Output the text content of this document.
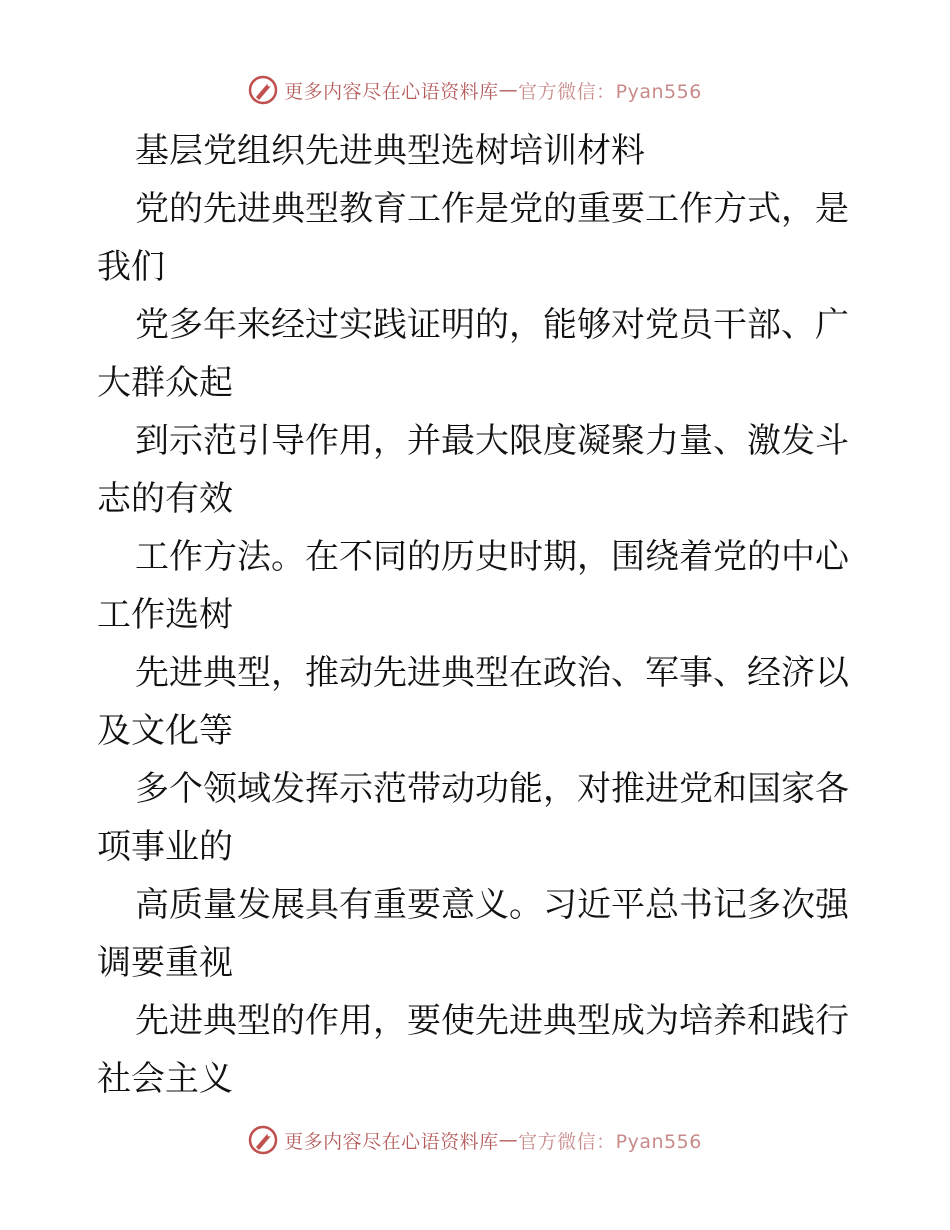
更多内容尽在心语资料库 — 官方微信：Pyan556
基层党组织先进典型选树培训材料
党的先进典型教育工作是党的重要工作方式，是
我们
党多年来经过实践证明的，能够对党员干部、广
大群众起
到示范引导作用，并最大限度凝聚力量、激发斗
志的有效
工作方法。在不同的历史时期，围绕着党的中心
工作选树
先进典型，推动先进典型在政治、军事、经济以
及文化等
多个领域发挥示范带动功能，对推进党和国家各
项事业的
高质量发展具有重要意义。习近平总书记多次强
调要重视
先进典型的作用，要使先进典型成为培养和践行
社会主义
更多内容尽在心语资料库 — 官方微信：Pyan556
